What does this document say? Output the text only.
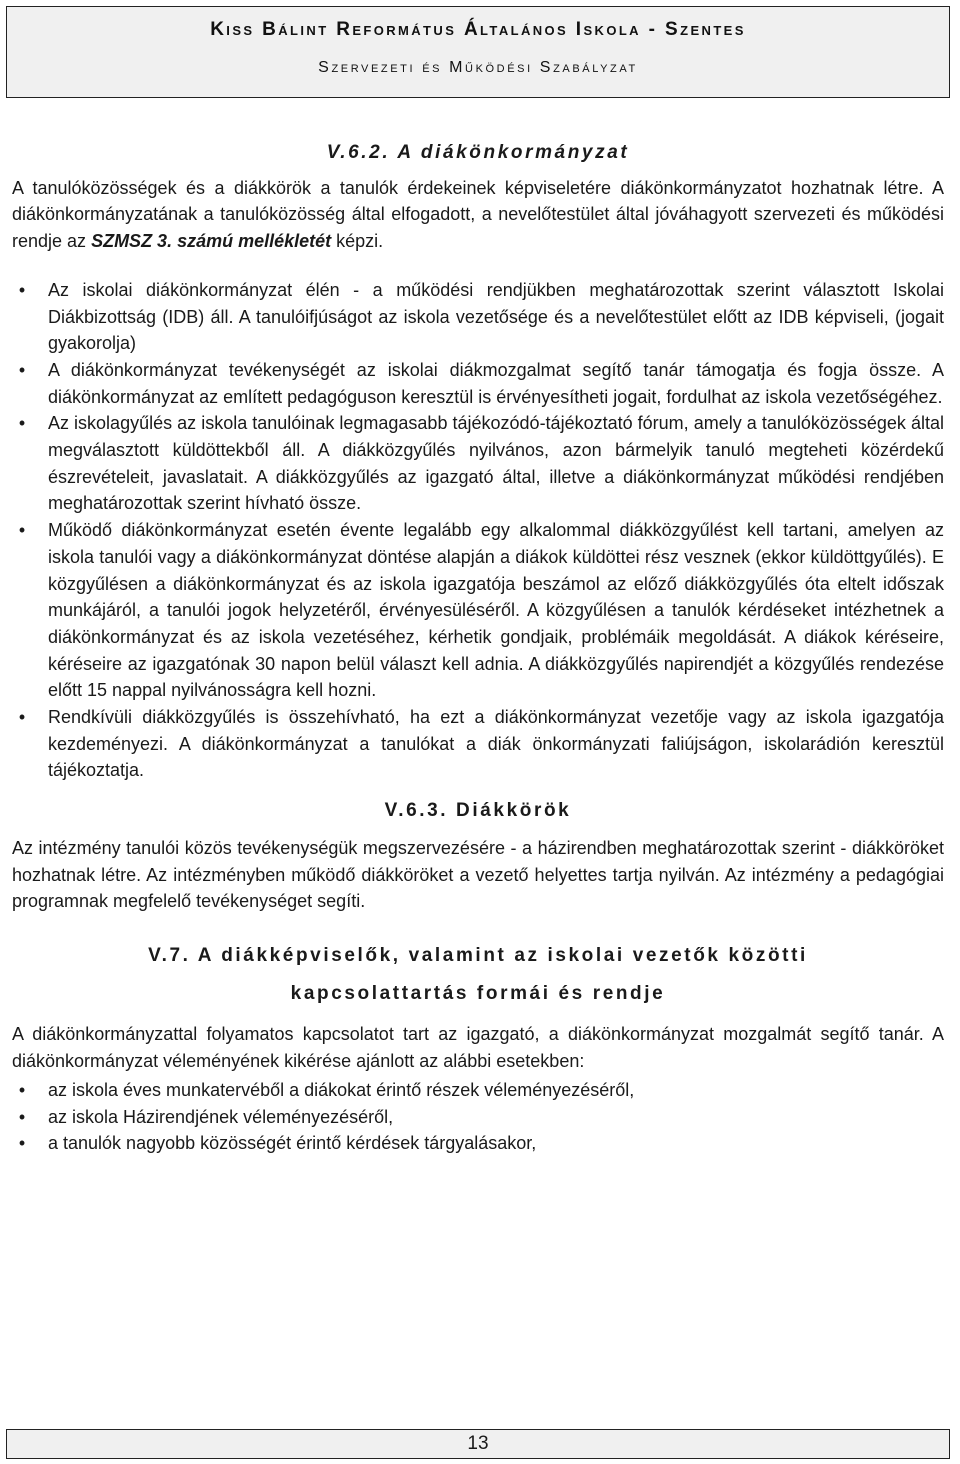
Kiss Bálint Református Általános Iskola - Szentes
Szervezeti és Működési Szabályzat
V.6.2. A diákönkormányzat

A tanulóközösségek és a diákkörök a tanulók érdekeinek képviseletére diákönkormányzatot hozhatnak létre. A diákönkormányzatának a tanulóközösség által elfogadott, a nevelőtestület által jóváhagyott szervezeti és működési rendje az SZMSZ 3. számú mellékletét képzi.

•	Az iskolai diákönkormányzat élén - a működési rendjükben meghatározottak szerint választott Iskolai Diákbizottság (IDB) áll. A tanulóifjúságot az iskola vezetősége és a nevelőtestület előtt az IDB képviseli, (jogait gyakorolja)
•	A diákönkormányzat tevékenységét az iskolai diákmozgalmat segítő tanár támogatja és fogja össze. A diákönkormányzat az említett pedagóguson keresztül is érvényesítheti jogait, fordulhat az iskola vezetőségéhez.
•	Az iskolagyűlés az iskola tanulóinak legmagasabb tájékozódó-tájékoztató fórum, amely a tanulóközösségek által megválasztott küldöttekből áll. A diákközgyűlés nyilvános, azon bármelyik tanuló megteheti közérdekű észrevételeit, javaslatait. A diákközgyűlés az igazgató által, illetve a diákönkormányzat működési rendjében meghatározottak szerint hívható össze.
•	Működő diákönkormányzat esetén évente legalább egy alkalommal diákközgyűlést kell tartani, amelyen az iskola tanulói vagy a diákönkormányzat döntése alapján a diákok küldöttei rész vesznek (ekkor küldöttgyűlés). E közgyűlésen a diákönkormányzat és az iskola igazgatója beszámol az előző diákközgyűlés óta eltelt időszak munkájáról, a tanulói jogok helyzetéről, érvényesüléséről. A közgyűlésen a tanulók kérdéseket intézhetnek a diákönkormányzat és az iskola vezetéséhez, kérhetik gondjaik, problémáik megoldását. A diákok kéréseire, kéréseire az igazgatónak 30 napon belül választ kell adnia. A diákközgyűlés napirendjét a közgyűlés rendezése előtt 15 nappal nyilvánosságra kell hozni.
•	Rendkívüli diákközgyűlés is összehívható, ha ezt a diákönkormányzat vezetője vagy az iskola igazgatója kezdeményezi. A diákönkormányzat a tanulókat a diák önkormányzati faliújságon, iskolarádión keresztül tájékoztatja.
V.6.3. Diákkörök

Az intézmény tanulói közös tevékenységük megszervezésére - a házirendben meghatározottak szerint - diákköröket hozhatnak létre. Az intézményben működő diákköröket a vezető helyettes tartja nyilván. Az intézmény a pedagógiai programnak megfelelő tevékenységet segíti.

V.7. A diákképviselők, valamint az iskolai vezetők közötti
kapcsolattartás formái és rendje

A diákönkormányzattal folyamatos kapcsolatot tart az igazgató, a diákönkormányzat mozgalmát segítő tanár. A diákönkormányzat véleményének kikérése ajánlott az alábbi esetekben:

•	az iskola éves munkatervéből a diákokat érintő részek véleményezéséről,
•	az iskola Házirendjének véleményezéséről,
•	a tanulók nagyobb közösségét érintő kérdések tárgyalásakor,
13
